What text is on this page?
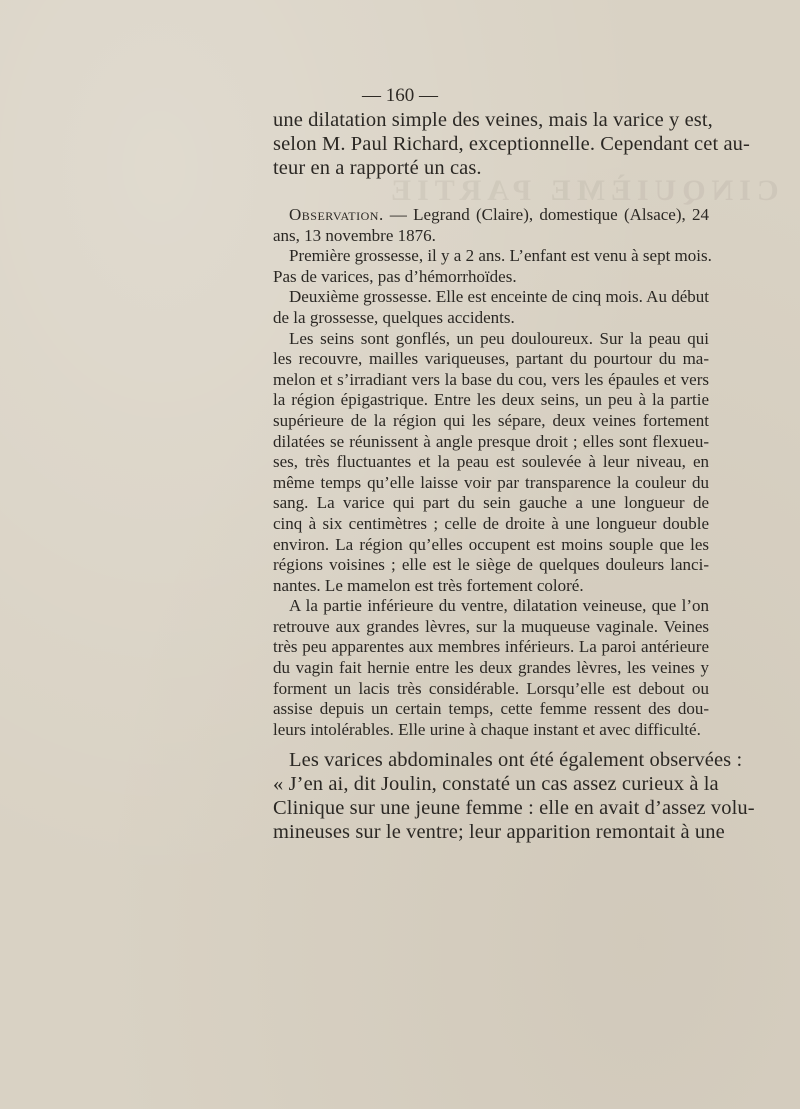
CINQUIÈME PARTIE
— 160 —
une dilatation simple des veines, mais la varice y est,
selon M. Paul Richard, exceptionnelle. Cependant cet au-
teur en a rapporté un cas.
Observation. — Legrand (Claire), domestique (Alsace), 24
ans, 13 novembre 1876.
Première grossesse, il y a 2 ans. L’enfant est venu à sept mois.
Pas de varices, pas d’hémorrhoïdes.
Deuxième grossesse. Elle est enceinte de cinq mois. Au début
de la grossesse, quelques accidents.
Les seins sont gonflés, un peu douloureux. Sur la peau qui
les recouvre, mailles variqueuses, partant du pourtour du ma-
melon et s’irradiant vers la base du cou, vers les épaules et vers
la région épigastrique. Entre les deux seins, un peu à la partie
supérieure de la région qui les sépare, deux veines fortement
dilatées se réunissent à angle presque droit ; elles sont flexueu-
ses, très fluctuantes et la peau est soulevée à leur niveau, en
même temps qu’elle laisse voir par transparence la couleur du
sang. La varice qui part du sein gauche a une longueur de
cinq à six centimètres ; celle de droite à une longueur double
environ. La région qu’elles occupent est moins souple que les
régions voisines ; elle est le siège de quelques douleurs lanci-
nantes. Le mamelon est très fortement coloré.
A la partie inférieure du ventre, dilatation veineuse, que l’on
retrouve aux grandes lèvres, sur la muqueuse vaginale. Veines
très peu apparentes aux membres inférieurs. La paroi antérieure
du vagin fait hernie entre les deux grandes lèvres, les veines y
forment un lacis très considérable. Lorsqu’elle est debout ou
assise depuis un certain temps, cette femme ressent des dou-
leurs intolérables. Elle urine à chaque instant et avec difficulté.
Les varices abdominales ont été également observées :
« J’en ai, dit Joulin, constaté un cas assez curieux à la
Clinique sur une jeune femme : elle en avait d’assez volu-
mineuses sur le ventre; leur apparition remontait à une
